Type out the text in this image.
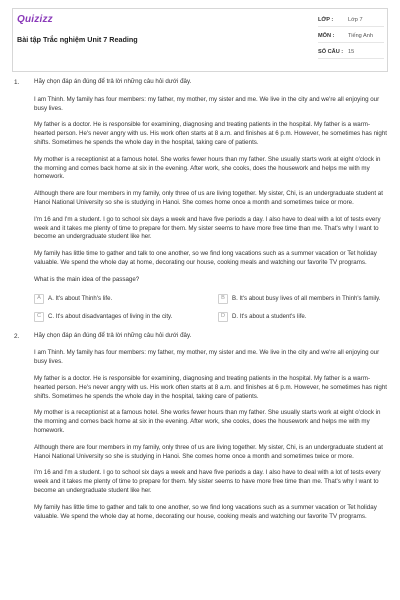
Quizizz
Bài tập Trắc nghiệm Unit 7 Reading
LỚP :	Lớp 7
MÔN :	Tiếng Anh
SỐ CÂU : 15
1. Hãy chọn đáp án đúng để trả lời những câu hỏi dưới đây.
I am Thinh. My family has four members: my father, my mother, my sister and me. We live in the city and we're all enjoying our busy lives.
My father is a doctor. He is responsible for examining, diagnosing and treating patients in the hospital. My father is a warm-hearted person. He's never angry with us. His work often starts at 8 a.m. and finishes at 6 p.m. However, he sometimes has night shifts. Sometimes he spends the whole day in the hospital, taking care of patients.
My mother is a receptionist at a famous hotel. She works fewer hours than my father. She usually starts work at eight o'clock in the morning and comes back home at six in the evening. After work, she cooks, does the housework and helps me with my homework.
Although there are four members in my family, only three of us are living together. My sister, Chi, is an undergraduate student at Hanoi National University so she is studying in Hanoi. She comes home once a month and sometimes twice or more.
I'm 16 and I'm a student. I go to school six days a week and have five periods a day. I also have to deal with a lot of tests every week and it takes me plenty of time to prepare for them. My sister seems to have more free time than me. That's why I want to become an undergraduate student like her.
My family has little time to gather and talk to one another, so we find long vacations such as a summer vacation or Tet holiday valuable. We spend the whole day at home, decorating our house, cooking meals and watching our favorite TV programs.
What is the main idea of the passage?
A	A. It's about Thinh's life.	B	B. It's about busy lives of all members in Thinh's family.
C	C. It's about disadvantages of living in the city.	D	D. It's about a student's life.
2. Hãy chọn đáp án đúng để trả lời những câu hỏi dưới đây.
I am Thinh. My family has four members: my father, my mother, my sister and me. We live in the city and we're all enjoying our busy lives.
My father is a doctor. He is responsible for examining, diagnosing and treating patients in the hospital. My father is a warm-hearted person. He's never angry with us. His work often starts at 8 a.m. and finishes at 6 p.m. However, he sometimes has night shifts. Sometimes he spends the whole day in the hospital, taking care of patients.
My mother is a receptionist at a famous hotel. She works fewer hours than my father. She usually starts work at eight o'clock in the morning and comes back home at six in the evening. After work, she cooks, does the housework and helps me with my homework.
Although there are four members in my family, only three of us are living together. My sister, Chi, is an undergraduate student at Hanoi National University so she is studying in Hanoi. She comes home once a month and sometimes twice or more.
I'm 16 and I'm a student. I go to school six days a week and have five periods a day. I also have to deal with a lot of tests every week and it takes me plenty of time to prepare for them. My sister seems to have more free time than me. That's why I want to become an undergraduate student like her.
My family has little time to gather and talk to one another, so we find long vacations such as a summer vacation or Tet holiday valuable. We spend the whole day at home, decorating our house, cooking meals and watching our favorite TV programs.
